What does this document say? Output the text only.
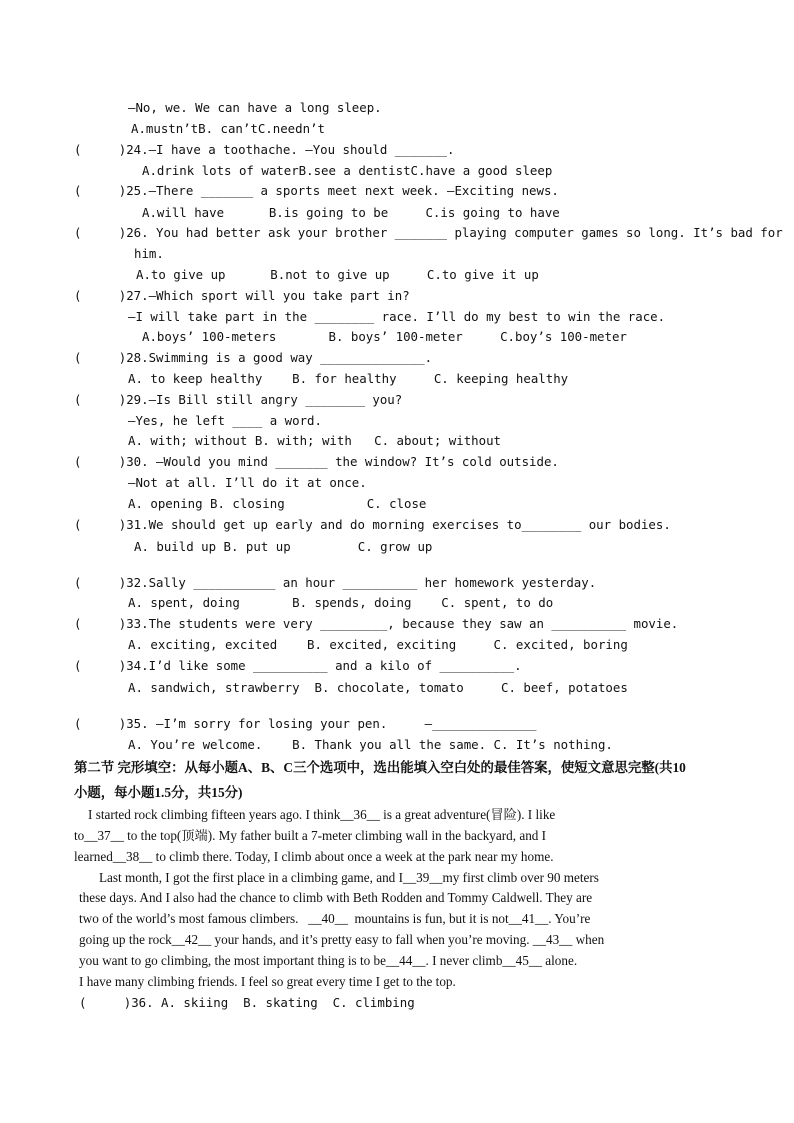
—No, we. We can have a long sleep.
A.mustn’tB. can’tC.needn’t
(     )24.—I have a toothache. —You should _______.
A.drink lots of waterB.see a dentistC.have a good sleep
(     )25.—There _______ a sports meet next week. —Exciting news.
A.will have      B.is going to be     C.is going to have
(     )26. You had better ask your brother _______ playing computer games so long. It’s bad for
him.
A.to give up      B.not to give up     C.to give it up
(     )27.—Which sport will you take part in?
—I will take part in the ________ race. I’ll do my best to win the race.
A.boys’ 100-meters       B. boys’ 100-meter     C.boy’s 100-meter
(     )28.Swimming is a good way ______________.
A. to keep healthy    B. for healthy     C. keeping healthy
(     )29.—Is Bill still angry ________ you?
—Yes, he left ____ a word.
A. with; without B. with; with   C. about; without
(     )30. —Would you mind _______ the window? It’s cold outside.
—Not at all. I’ll do it at once.
A. opening B. closing           C. close
(     )31.We should get up early and do morning exercises to________ our bodies.
A. build up B. put up         C. grow up
(     )32.Sally ___________ an hour __________ her homework yesterday.
A. spent, doing       B. spends, doing    C. spent, to do
(     )33.The students were very _________, because they saw an __________ movie.
A. exciting, excited    B. excited, exciting     C. excited, boring
(     )34.I’d like some __________ and a kilo of __________.
A. sandwich, strawberry  B. chocolate, tomato     C. beef, potatoes
(     )35. —I’m sorry for losing your pen.     —______________
A. You’re welcome.    B. Thank you all the same. C. It’s nothing.
第二节 完形填空：从每小题A、B、C三个选项中，选出能填入空白处的最佳答案，使短文意思完整(共10
小题，每小题1.5分，共15分)
I started rock climbing fifteen years ago. I think__36__ is a great adventure(冒险). I like
to__37__ to the top(顶端). My father built a 7-meter climbing wall in the backyard, and I
learned__38__ to climb there. Today, I climb about once a week at the park near my home.
Last month, I got the first place in a climbing game, and I__39__my first climb over 90 meters
these days. And I also had the chance to climb with Beth Rodden and Tommy Caldwell. They are
two of the world’s most famous climbers.   __40__  mountains is fun, but it is not__41__. You’re
going up the rock__42__ your hands, and it’s pretty easy to fall when you’re moving. __43__ when
you want to go climbing, the most important thing is to be__44__. I never climb__45__ alone.
I have many climbing friends. I feel so great every time I get to the top.
(     )36. A. skiing  B. skating  C. climbing
